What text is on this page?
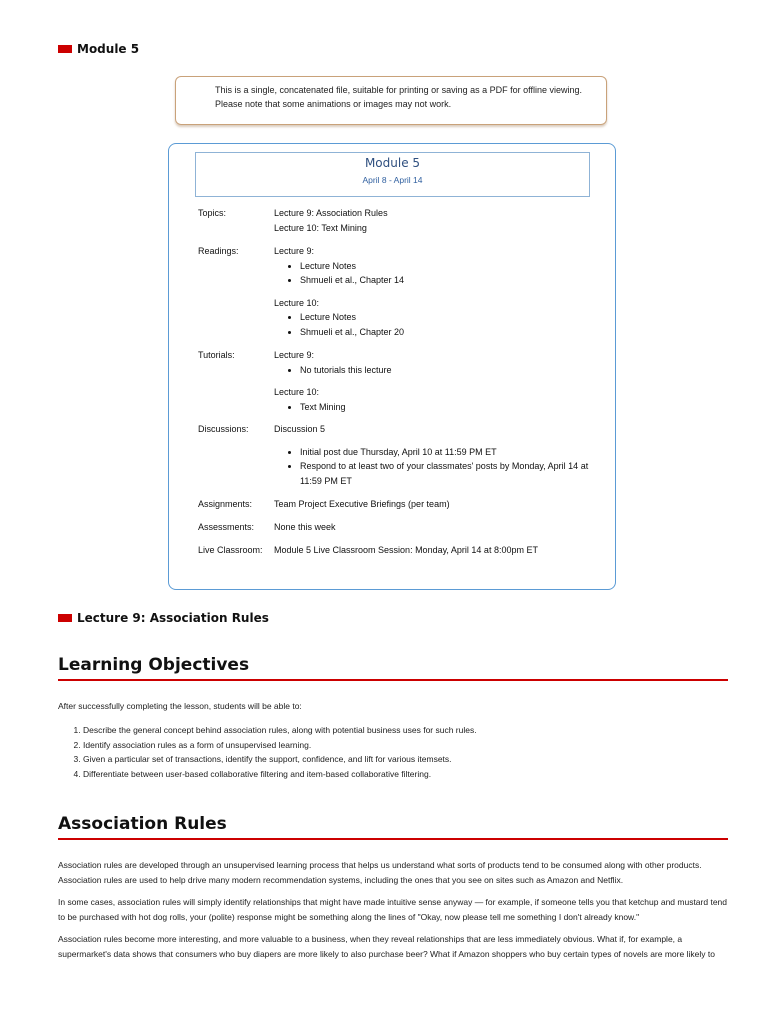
Module 5

This is a single, concatenated file, suitable for printing or saving as a PDF for offline viewing. Please note that some animations or images may not work.

Module 5
April 8 - April 14
Topics:	Lecture 9: Association Rules
Lecture 10: Text Mining
Readings:	Lecture 9:
• Lecture Notes
• Shmueli et al., Chapter 14
Lecture 10:
• Lecture Notes
• Shmueli et al., Chapter 20
Tutorials:	Lecture 9:
• No tutorials this lecture
Lecture 10:
• Text Mining
Discussions:	Discussion 5
• Initial post due Thursday, April 10 at 11:59 PM ET
• Respond to at least two of your classmates' posts by Monday, April 14 at 11:59 PM ET
Assignments: Team Project Executive Briefings (per team)
Assessments: None this week
Live Classroom: Module 5 Live Classroom Session: Monday, April 14 at 8:00pm ET
Lecture 9: Association Rules
Learning Objectives

After successfully completing the lesson, students will be able to:

1. Describe the general concept behind association rules, along with potential business uses for such rules.
2. Identify association rules as a form of unsupervised learning.
3. Given a particular set of transactions, identify the support, confidence, and lift for various itemsets.
4. Differentiate between user-based collaborative filtering and item-based collaborative filtering.
Association Rules

Association rules are developed through an unsupervised learning process that helps us understand what sorts of products tend to be consumed along with other products. Association rules are used to help drive many modern recommendation systems, including the ones that you see on sites such as Amazon and Netflix.

In some cases, association rules will simply identify relationships that might have made intuitive sense anyway — for example, if someone tells you that ketchup and mustard tend to be purchased with hot dog rolls, your (polite) response might be something along the lines of "Okay, now please tell me something I don't already know."

Association rules become more interesting, and more valuable to a business, when they reveal relationships that are less immediately obvious. What if, for example, a supermarket's data shows that consumers who buy diapers are more likely to also purchase beer? What if Amazon shoppers who buy certain types of novels are more likely to
